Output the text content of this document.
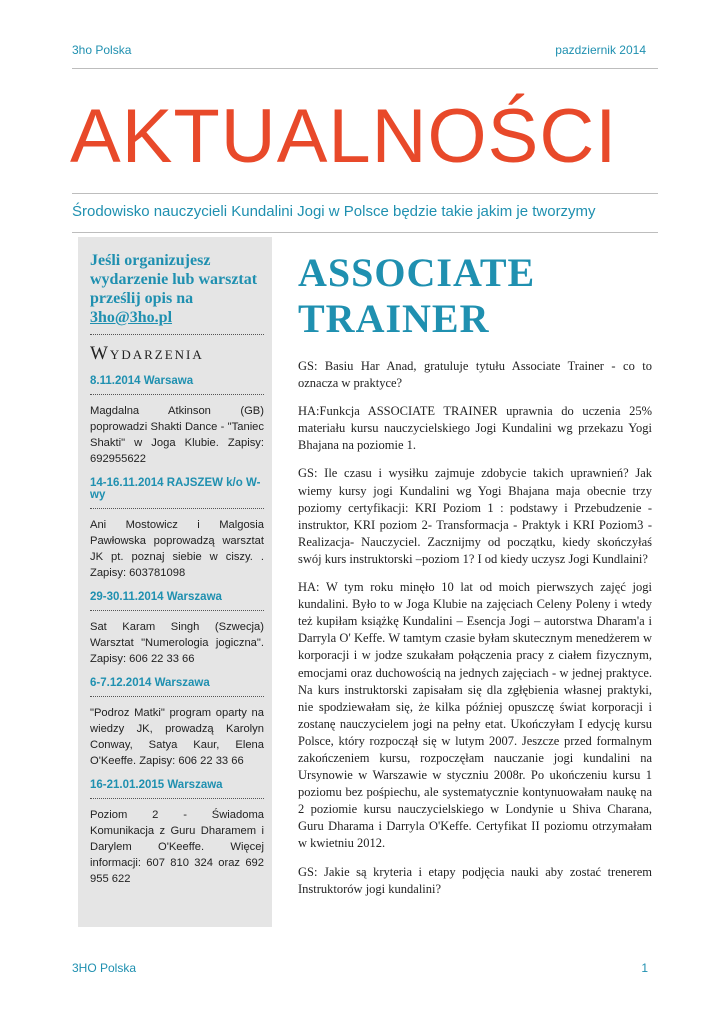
3ho Polska	pazdziernik 2014
AKTUALNOŚCI
Środowisko nauczycieli Kundalini Jogi w Polsce będzie takie jakim je tworzymy
Jeśli organizujesz wydarzenie lub warsztat prześlij opis na 3ho@3ho.pl
Wydarzenia
8.11.2014 Warsawa
Magdalna Atkinson (GB) poprowadzi Shakti Dance - "Taniec Shakti" w Joga Klubie. Zapisy: 692955622
14-16.11.2014 RAJSZEW k/o W-wy
Ani Mostowicz i Malgosia Pawłowska poprowadzą warsztat JK pt. poznaj siebie w ciszy. . Zapisy: 603781098
29-30.11.2014 Warszawa
Sat Karam Singh (Szwecja) Warsztat "Numerologia jogiczna". Zapisy: 606 22 33 66
6-7.12.2014 Warszawa
"Podroz Matki" program oparty na wiedzy JK, prowadzą Karolyn Conway, Satya Kaur, Elena O'Keeffe. Zapisy: 606 22 33 66
16-21.01.2015 Warszawa
Poziom 2 - Świadoma Komunikacja z Guru Dharamem i Darylem O'Keeffe. Więcej informacji: 607 810 324 oraz 692 955 622
ASSOCIATE TRAINER

GS: Basiu Har Anad, gratuluje tytułu Associate Trainer - co to oznacza w praktyce?

HA:Funkcja ASSOCIATE TRAINER uprawnia do uczenia 25% materiału kursu nauczycielskiego Jogi Kundalini wg przekazu Yogi Bhajana na poziomie 1.

GS: Ile czasu i wysiłku zajmuje zdobycie takich uprawnień? Jak wiemy kursy jogi Kundalini wg Yogi Bhajana maja obecnie trzy poziomy certyfikacji: KRI Poziom 1 : podstawy i Przebudzenie - instruktor, KRI poziom 2- Transformacja - Praktyk i KRI Poziom3 - Realizacja- Nauczyciel. Zacznijmy od początku, kiedy skończyłaś swój kurs instruktorski –poziom 1? I od kiedy uczysz Jogi Kundlaini?

HA: W tym roku minęło 10 lat od moich pierwszych zajęć jogi kundalini. Było to w Joga Klubie na zajęciach Celeny Poleny i wtedy też kupiłam książkę Kundalini – Esencja Jogi – autorstwa Dharam'a i Darryla O' Keffe. W tamtym czasie byłam skutecznym menedżerem w korporacji i w jodze szukałam połączenia pracy z ciałem fizycznym, emocjami oraz duchowością na jednych zajęciach - w jednej praktyce. Na kurs instruktorski zapisałam się dla zgłębienia własnej praktyki, nie spodziewałam się, że kilka później opuszczę świat korporacji i zostanę nauczycielem jogi na pełny etat. Ukończyłam I edycję kursu Polsce, który rozpoczął się w lutym 2007. Jeszcze przed formalnym zakończeniem kursu, rozpoczęłam nauczanie jogi kundalini na Ursynowie w Warszawie w styczniu 2008r. Po ukończeniu kursu 1 poziomu bez pośpiechu, ale systematycznie kontynuowałam naukę na 2 poziomie kursu nauczycielskiego w Londynie u Shiva Charana, Guru Dharama i Darryla O'Keffe. Certyfikat II poziomu otrzymałam w kwietniu 2012.

GS: Jakie są kryteria i etapy podjęcia nauki aby zostać trenerem Instruktorów jogi kundalini?

3HO Polska	1
